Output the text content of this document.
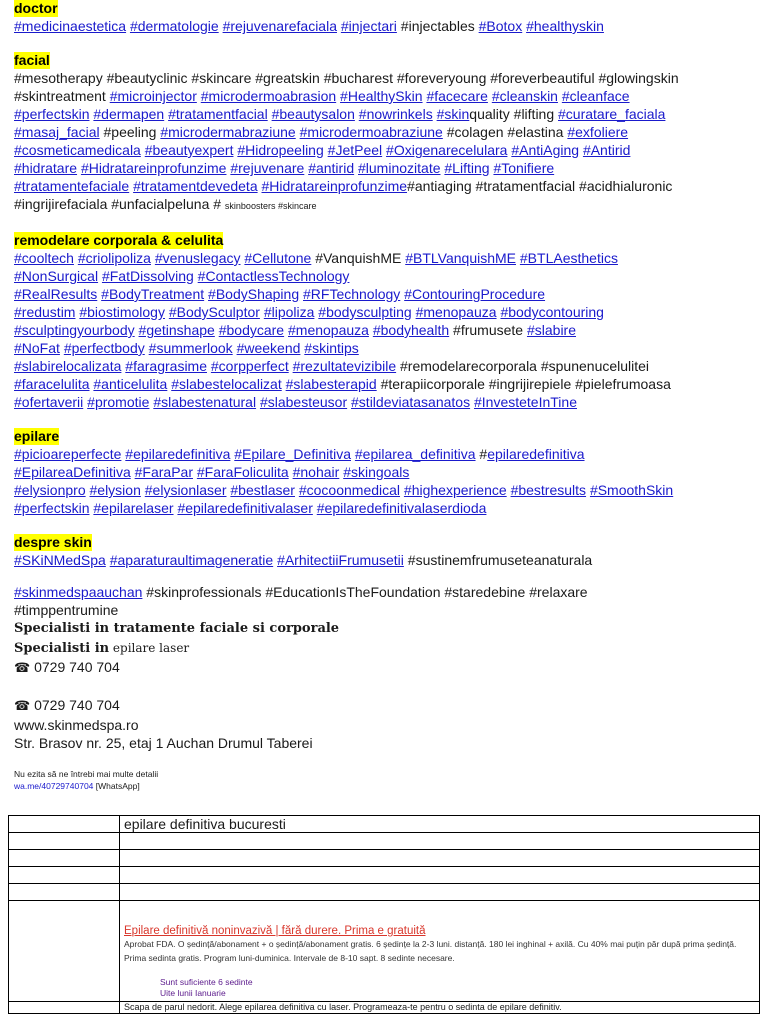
doctor
#medicinaestetica #dermatologie #rejuvenarefaciala #injectari #injectables #Botox #healthyskin
facial
#mesotherapy #beautyclinic #skincare #greatskin #bucharest #foreveryoung #foreverbeautiful #glowingskin
#skintreatment #microinjector #microdermoabrasion #HealthySkin #facecare #cleanskin #cleanface
#perfectskin #dermapen #tratamentfacial #beautysalon #nowrinkels #skinquality #lifting #curatare_faciala
#masaj_facial #peeling #microdermabraziune #microdermoabraziune #colagen #elastina #exfoliere
#cosmeticamedicala #beautyexpert #Hidropeeling #JetPeel #Oxigenarecelulara #AntiAging #Antirid
#hidratare #Hidratareinprofunzime #rejuvenare #antirid #luminozitate #Lifting #Tonifiere
#tratamentefaciale #tratamentdevedeta #Hidratareinprofunzime#antiaging #tratamentfacial #acidhialuronic
#ingrijirefaciala #unfacialpeluna # skinboosters #skincare
remodelare corporala & celulita
#cooltech #criolipoliza #venuslegacy #Cellutone #VanquishME #BTLVanquishME #BTLAesthetics
#NonSurgical #FatDissolving #ContactlessTechnology
#RealResults #BodyTreatment #BodyShaping #RFTechnology #ContouringProcedure
#redustim #biostimology #BodySculptor #lipoliza #bodysculpting #menopauza #bodycontouring
#sculptingyourbody #getinshape #bodycare #menopauza #bodyhealth #frumusete #slabire
#NoFat #perfectbody #summerlook #weekend #skintips
#slabirelocalizata #faragrasime #corpperfect #rezultatevizibile #remodelarecorporala #spunenucelulitei
#faracelulita #anticelulita #slabestelocalizat #slabesterapid #terapiicorporale #ingrijirepiele #pielefrumoasa
#ofertaverii #promotie #slabestenatural #slabesteusor #stildeviatasanatos #InvesteteInTine
epilare
#picioareperfecte #epilaredefinitiva #Epilare_Definitiva #epilarea_definitiva #epilaredefinitiva
#EpilareaDefinitiva #FaraPar #FaraFoliculita #nohair #skingoals
#elysionpro #elysion #elysionlaser #bestlaser #cocoonmedical #highexperience #bestresults #SmoothSkin
#perfectskin #epilarelaser #epilaredefinitivalaser #epilaredefinitivalaserdioda
despre skin
#SKiNMedSpa #aparaturaultimageneratie #ArhitectiiFrumusetii #sustinemfrumuseteanaturala
#skinmedspaauchan #skinprofessionals #EducationIsTheFoundation #staredebine #relaxare
#timppentrumine
Specialisti in tratamente faciale si corporale
Specialisti in epilare laser
☎ 0729 740 704
☎ 0729 740 704
www.skinmedspa.ro
Str. Brasov nr. 25, etaj 1 Auchan Drumul Taberei
Nu ezita să ne întrebi mai multe detalii
wa.me/40729740704 [WhatsApp]
	epilare definitiva bucuresti

	Epilare definitivă noninvazivă | fără durere. Prima e gratuită
Aprobat FDA. O ședință/abonament + o ședință/abonament gratis. 6 ședințe la 2-3 luni. distanță. 180 lei inghinal + axilă. Cu 40% mai puțin păr după prima ședință. Prima sedinta gratis. Program luni-duminica. Intervale de 8-10 sapt. 8 sedinte necesare.
Sunt suficiente 6 sedinte
Uite lunii Ianuarie

	Scapa de parul nedorit. Alege epilarea definitiva cu laser. Programeaza-te pentru o sedinta de epilare definitiv.
